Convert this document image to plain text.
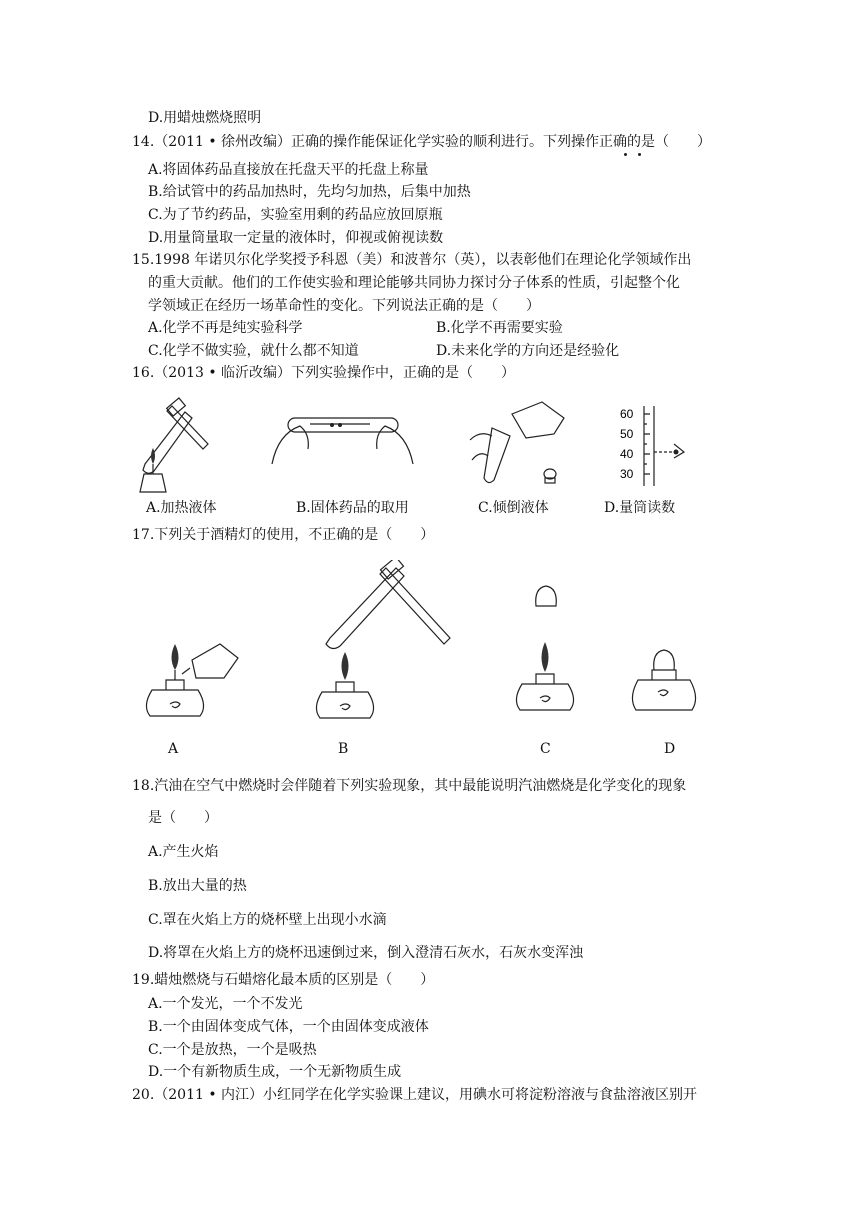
D.用蜡烛燃烧照明
14.（2011 • 徐州改编）正确的操作能保证化学实验的顺利进行。下列操作正确的是（　　）
A.将固体药品直接放在托盘天平的托盘上称量
B.给试管中的药品加热时，先均匀加热，后集中加热
C.为了节约药品，实验室用剩的药品应放回原瓶
D.用量筒量取一定量的液体时，仰视或俯视读数
15.1998 年诺贝尔化学奖授予科恩（美）和波普尔（英），以表彰他们在理论化学领域作出
的重大贡献。他们的工作使实验和理论能够共同协力探讨分子体系的性质，引起整个化
学领域正在经历一场革命性的变化。下列说法正确的是（　　）
A.化学不再是纯实验科学	B.化学不再需要实验
C.化学不做实验，就什么都不知道	D.未来化学的方向还是经验化
16.（2013 • 临沂改编）下列实验操作中，正确的是（　　）
A.加热液体	B.固体药品的取用	C.倾倒液体
60
50
40
30
D.量筒读数
17.下列关于酒精灯的使用，不正确的是（　　）
A	B	C	D
18.汽油在空气中燃烧时会伴随着下列实验现象，其中最能说明汽油燃烧是化学变化的现象
是（　　）
A.产生火焰
B.放出大量的热
C.罩在火焰上方的烧杯壁上出现小水滴
D.将罩在火焰上方的烧杯迅速倒过来，倒入澄清石灰水，石灰水变浑浊
19.蜡烛燃烧与石蜡熔化最本质的区别是（　　）
A.一个发光，一个不发光
B.一个由固体变成气体，一个由固体变成液体
C.一个是放热，一个是吸热
D.一个有新物质生成，一个无新物质生成
20.（2011 • 内江）小红同学在化学实验课上建议，用碘水可将淀粉溶液与食盐溶液区别开
